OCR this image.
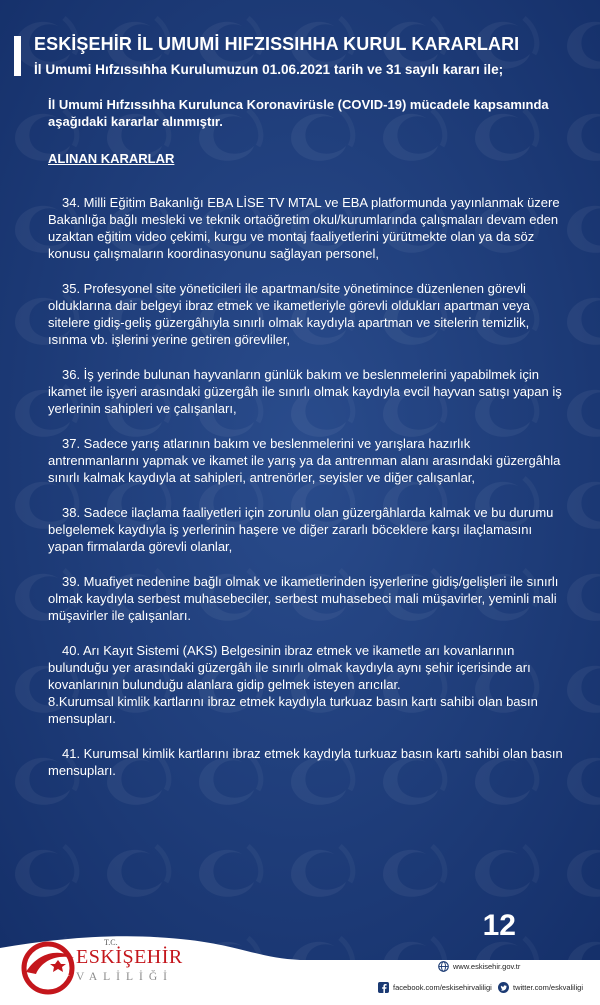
ESKİŞEHİR İL UMUMİ HIFZISSIHHA KURUL KARARLARI

İl Umumi Hıfzıssıhha Kurulumuzun 01.06.2021 tarih ve 31 sayılı kararı ile;

İl Umumi Hıfzıssıhha Kurulunca Koronavirüsle (COVID-19) mücadele kapsamında aşağıdaki kararlar alınmıştır.

ALINAN KARARLAR

34. Milli Eğitim Bakanlığı EBA LİSE TV MTAL ve EBA platformunda yayınlanmak üzere Bakanlığa bağlı mesleki ve teknik ortaöğretim okul/kurumlarında çalışmaları devam eden uzaktan eğitim video çekimi, kurgu ve montaj faaliyetlerini yürütmekte olan ya da söz konusu çalışmaların koordinasyonunu sağlayan personel,

35. Profesyonel site yöneticileri ile apartman/site yönetimince düzenlenen görevli olduklarına dair belgeyi ibraz etmek ve ikametleriyle görevli oldukları apartman veya sitelere gidiş-geliş güzergâhıyla sınırlı olmak kaydıyla apartman ve sitelerin temizlik, ısınma vb. işlerini yerine getiren görevliler,

36. İş yerinde bulunan hayvanların günlük bakım ve beslenmelerini yapabilmek için ikamet ile işyeri arasındaki güzergâh ile sınırlı olmak kaydıyla evcil hayvan satışı yapan iş yerlerinin sahipleri ve çalışanları,

37. Sadece yarış atlarının bakım ve beslenmelerini ve yarışlara hazırlık antrenmanlarını yapmak ve ikamet ile yarış ya da antrenman alanı arasındaki güzergâhla sınırlı kalmak kaydıyla at sahipleri, antrenörler, seyisler ve diğer çalışanlar,

38. Sadece ilaçlama faaliyetleri için zorunlu olan güzergâhlarda kalmak ve bu durumu belgelemek kaydıyla iş yerlerinin haşere ve diğer zararlı böceklere karşı ilaçlamasını yapan firmalarda görevli olanlar,

39. Muafiyet nedenine bağlı olmak ve ikametlerinden işyerlerine gidiş/gelişleri ile sınırlı olmak kaydıyla serbest muhasebeciler, serbest muhasebeci mali müşavirler, yeminli mali müşavirler ile çalışanları.

40. Arı Kayıt Sistemi (AKS) Belgesinin ibraz etmek ve ikametle arı kovanlarının bulunduğu yer arasındaki güzergâh ile sınırlı olmak kaydıyla aynı şehir içerisinde arı kovanlarının bulunduğu alanlara gidip gelmek isteyen arıcılar.

8.Kurumsal kimlik kartlarını ibraz etmek kaydıyla turkuaz basın kartı sahibi olan basın mensupları.

41. Kurumsal kimlik kartlarını ibraz etmek kaydıyla turkuaz basın kartı sahibi olan basın mensupları.

12
T.C.
ESKİŞEHİR
VALİLİĞİ
www.eskisehir.gov.tr
facebook.com/eskisehirvaliligi	twitter.com/eskvaliligi
